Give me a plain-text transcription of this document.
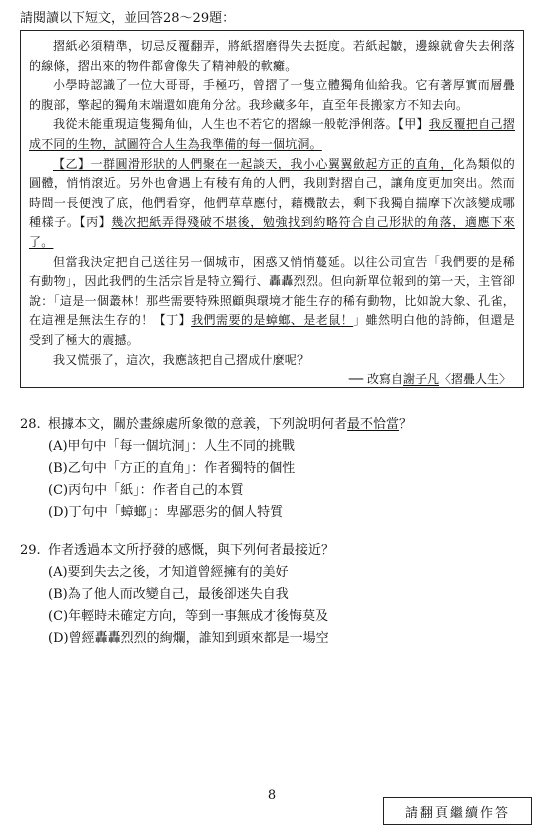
請閱讀以下短文，並回答28～29題：

摺紙必須精準，切忌反覆翻弄，將紙摺磨得失去挺度。若紙起皺，邊線就會失去俐落的線條，摺出來的物件都會像失了精神般的軟癱。

小學時認識了一位大哥哥，手極巧，曾摺了一隻立體獨角仙給我。它有著厚實而層疊的腹部，擎起的獨角末端還如鹿角分岔。我珍藏多年，直至年長搬家方不知去向。

我從未能重現這隻獨角仙，人生也不若它的摺線一般乾淨俐落。【甲】我反覆把自己摺成不同的生物，試圖符合人生為我準備的每一個坑洞。

【乙】一群圓滑形狀的人們聚在一起談天，我小心翼翼斂起方正的直角，化為類似的圓體，悄悄滾近。另外也會遇上有稜有角的人們，我則對摺自己，讓角度更加突出。然而時間一長便洩了底，他們看穿，他們草草應付，藉機散去，剩下我獨自揣摩下次該變成哪種樣子。【丙】幾次把紙弄得殘破不堪後，勉強找到約略符合自己形狀的角落，適應下來了。

但當我決定把自己送往另一個城市，困惑又悄悄蔓延。以往公司宣告「我們要的是稀有動物」，因此我們的生活宗旨是特立獨行、轟轟烈烈。但向新單位報到的第一天，主管卻說：「這是一個叢林！那些需要特殊照顧與環境才能生存的稀有動物，比如說大象、孔雀，在這裡是無法生存的！【丁】我們需要的是蟑螂、是老鼠！」雖然明白他的詩飾，但還是受到了極大的震撼。

我又慌張了，這次，我應該把自己摺成什麼呢？

── 改寫自謝子凡〈摺疊人生〉

28. 根據本文，關於畫線處所象徵的意義，下列說明何者最不恰當？
(A)甲句中「每一個坑洞」：人生不同的挑戰
(B)乙句中「方正的直角」：作者獨特的個性
(C)丙句中「紙」：作者自己的本質
(D)丁句中「蟑螂」：卑鄙惡劣的個人特質
29. 作者透過本文所抒發的感慨，與下列何者最接近？
(A)要到失去之後，才知道曾經擁有的美好
(B)為了他人而改變自己，最後卻迷失自我
(C)年輕時未確定方向，等到一事無成才後悔莫及
(D)曾經轟轟烈烈的絢爛，誰知到頭來都是一場空
8
請翻頁繼續作答
